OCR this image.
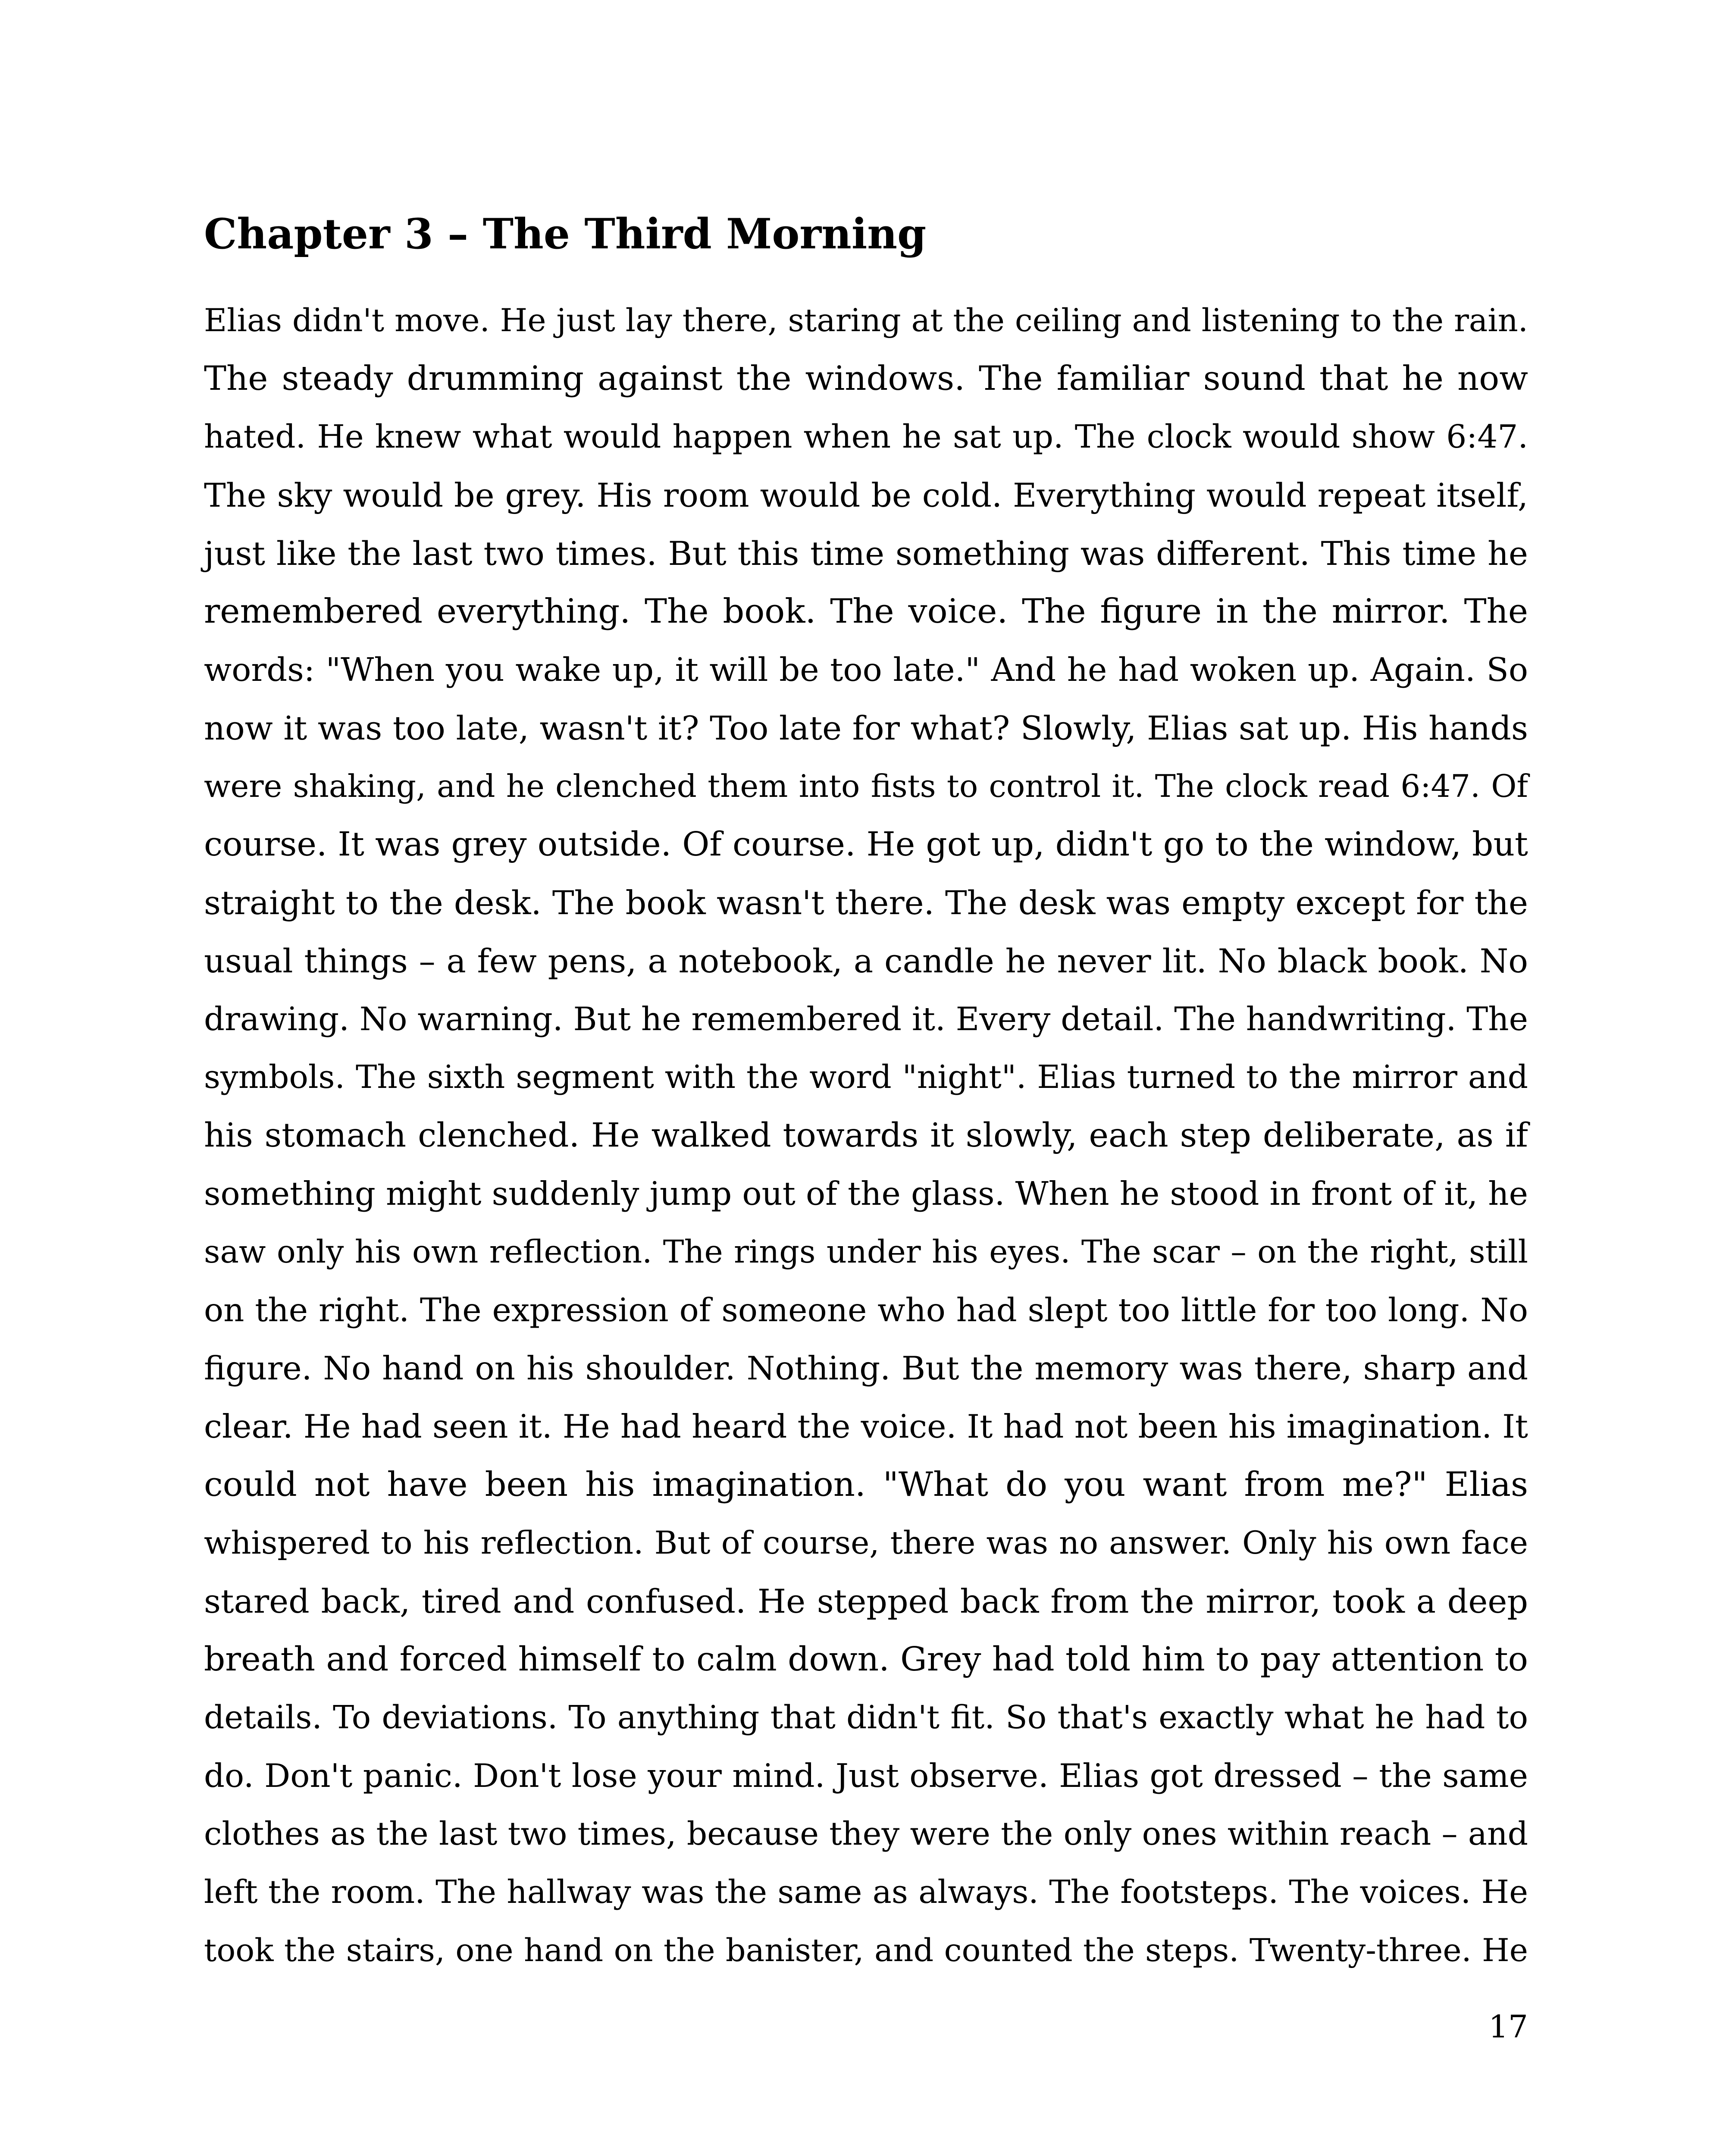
Chapter 3 – The Third Morning
Elias didn't move. He just lay there, staring at the ceiling and listening to the rain.
The steady drumming against the windows. The familiar sound that he now
hated. He knew what would happen when he sat up. The clock would show 6:47.
The sky would be grey. His room would be cold. Everything would repeat itself,
just like the last two times. But this time something was different. This time he
remembered everything. The book. The voice. The figure in the mirror. The
words: "When you wake up, it will be too late." And he had woken up. Again. So
now it was too late, wasn't it? Too late for what? Slowly, Elias sat up. His hands
were shaking, and he clenched them into fists to control it. The clock read 6:47. Of
course. It was grey outside. Of course. He got up, didn't go to the window, but
straight to the desk. The book wasn't there. The desk was empty except for the
usual things – a few pens, a notebook, a candle he never lit. No black book. No
drawing. No warning. But he remembered it. Every detail. The handwriting. The
symbols. The sixth segment with the word "night". Elias turned to the mirror and
his stomach clenched. He walked towards it slowly, each step deliberate, as if
something might suddenly jump out of the glass. When he stood in front of it, he
saw only his own reflection. The rings under his eyes. The scar – on the right, still
on the right. The expression of someone who had slept too little for too long. No
figure. No hand on his shoulder. Nothing. But the memory was there, sharp and
clear. He had seen it. He had heard the voice. It had not been his imagination. It
could not have been his imagination. "What do you want from me?" Elias
whispered to his reflection. But of course, there was no answer. Only his own face
stared back, tired and confused. He stepped back from the mirror, took a deep
breath and forced himself to calm down. Grey had told him to pay attention to
details. To deviations. To anything that didn't fit. So that's exactly what he had to
do. Don't panic. Don't lose your mind. Just observe. Elias got dressed – the same
clothes as the last two times, because they were the only ones within reach – and
left the room. The hallway was the same as always. The footsteps. The voices. He
took the stairs, one hand on the banister, and counted the steps. Twenty-three. He
17
